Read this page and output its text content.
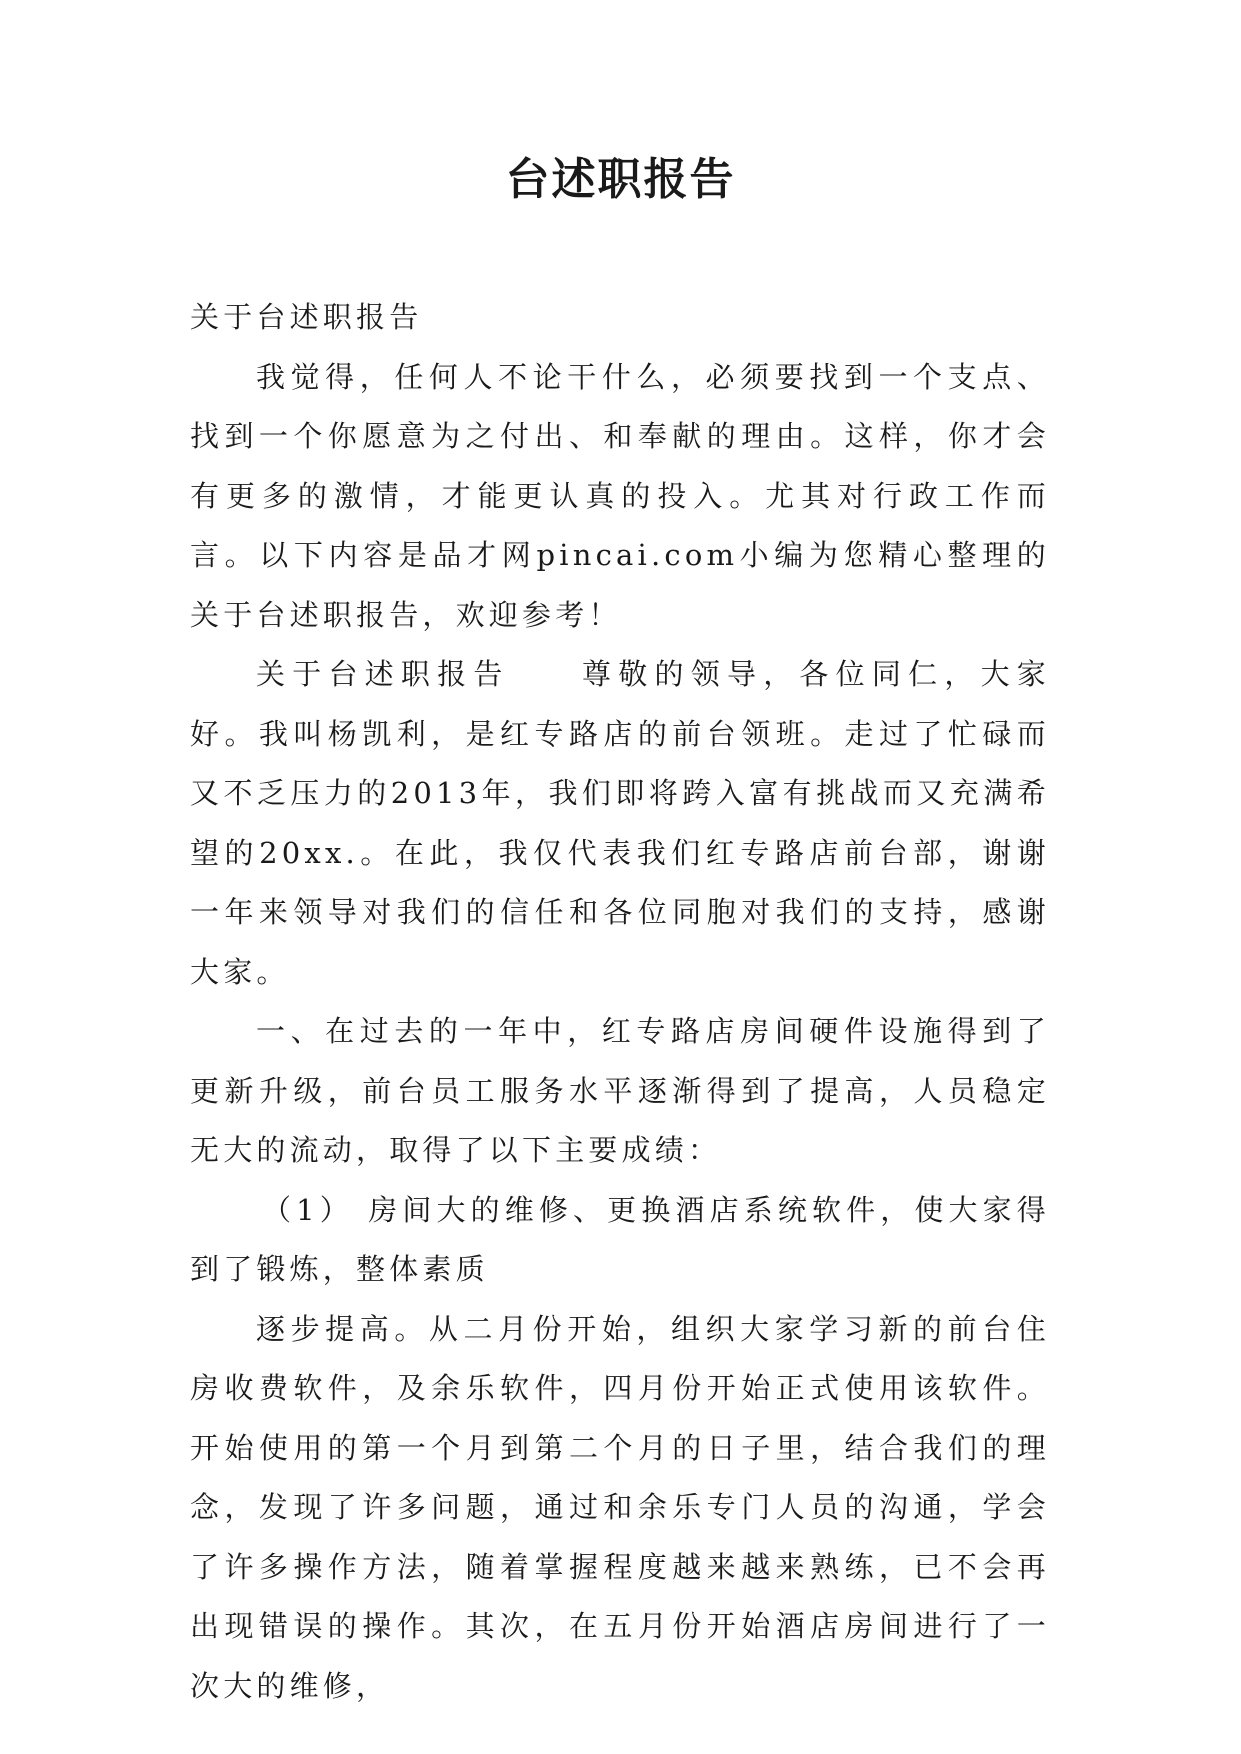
台述职报告

关于台述职报告

我觉得，任何人不论干什么，必须要找到一个支点、找到一个你愿意为之付出、和奉献的理由。这样，你才会有更多的激情，才能更认真的投入。尤其对行政工作而言。以下内容是品才网pincai.com小编为您精心整理的关于台述职报告，欢迎参考！

关于台述职报告　　尊敬的领导，各位同仁，大家好。我叫杨凯利，是红专路店的前台领班。走过了忙碌而又不乏压力的2013年，我们即将跨入富有挑战而又充满希望的20xx.。在此，我仅代表我们红专路店前台部，谢谢一年来领导对我们的信任和各位同胞对我们的支持，感谢大家。

一、在过去的一年中，红专路店房间硬件设施得到了更新升级，前台员工服务水平逐渐得到了提高，人员稳定无大的流动，取得了以下主要成绩：

（1） 房间大的维修、更换酒店系统软件，使大家得到了锻炼，整体素质

逐步提高。从二月份开始，组织大家学习新的前台住房收费软件，及余乐软件，四月份开始正式使用该软件。开始使用的第一个月到第二个月的日子里，结合我们的理念，发现了许多问题，通过和余乐专门人员的沟通，学会了许多操作方法，随着掌握程度越来越来熟练，已不会再出现错误的操作。其次，在五月份开始酒店房间进行了一次大的维修，
